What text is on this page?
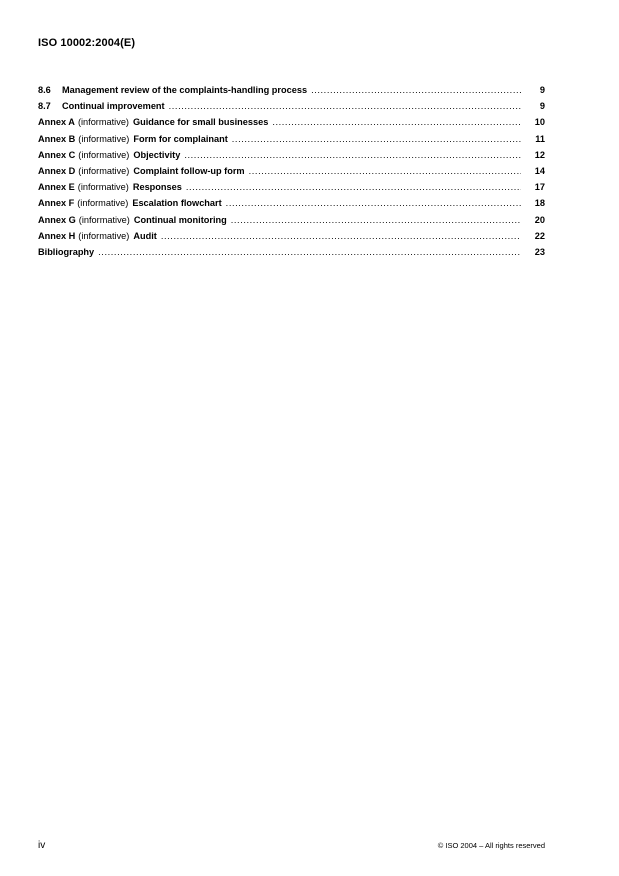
ISO 10002:2004(E)
8.6	Management review of the complaints-handling process .....	9
8.7	Continual improvement .....	9
Annex A (informative) Guidance for small businesses .....	10
Annex B (informative) Form for complainant .....	11
Annex C (informative) Objectivity .....	12
Annex D (informative) Complaint follow-up form .....	14
Annex E (informative) Responses .....	17
Annex F (informative) Escalation flowchart .....	18
Annex G (informative) Continual monitoring .....	20
Annex H (informative) Audit .....	22
Bibliography .....	23
iv	© ISO 2004 – All rights reserved
